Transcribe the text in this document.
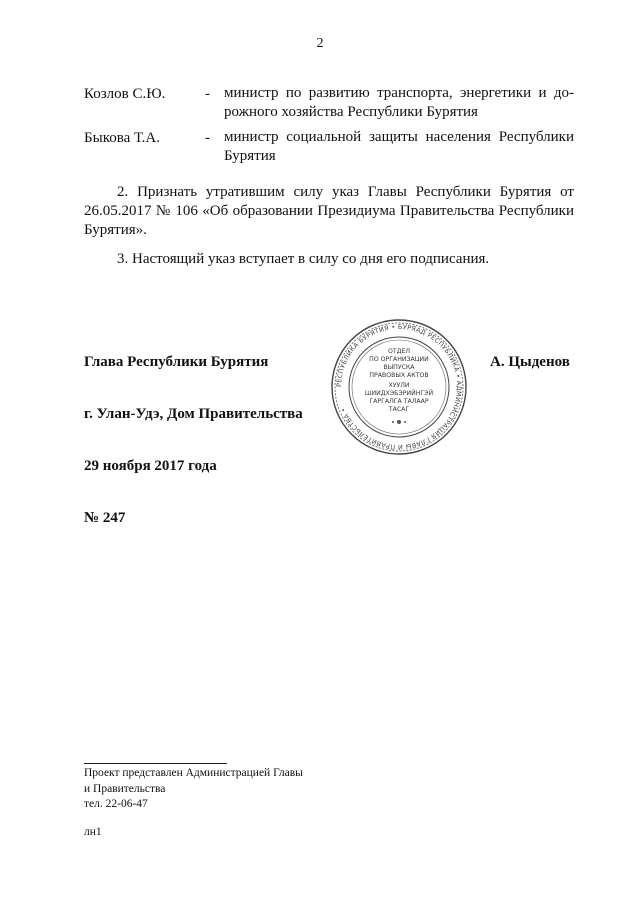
2
Козлов С.Ю.	- министр по развитию транспорта, энергетики и до-рожного хозяйства Республики Бурятия
Быкова Т.А.	- министр социальной защиты населения Республики Бурятия
2. Признать утратившим силу указ Главы Республики Бурятия от 26.05.2017 № 106 «Об образовании Президиума Правительства Республики Бурятия».
3. Настоящий указ вступает в силу со дня его подписания.
Глава Республики Бурятия	А. Цыденов
РЕСПУБЛИКА БУРЯТИЯ • БУРЯАД РЕСПУБЛИКА • АДМИНИСТРАЦИЯ ГЛАВЫ И ПРАВИТЕЛЬСТВА •
ОТДЕЛ
ПО ОРГАНИЗАЦИИ
ВЫПУСКА
ПРАВОВЫХ АКТОВ
ХУУЛИ
ШИИДХЭБЭРИЙНГЭЙ
ГАРГАЛГА ТАЛААР
ТАСАГ
г. Улан-Удэ, Дом Правительства
29 ноября 2017 года
№ 247
Проект представлен Администрацией Главы
и Правительства
тел. 22-06-47
лн1
